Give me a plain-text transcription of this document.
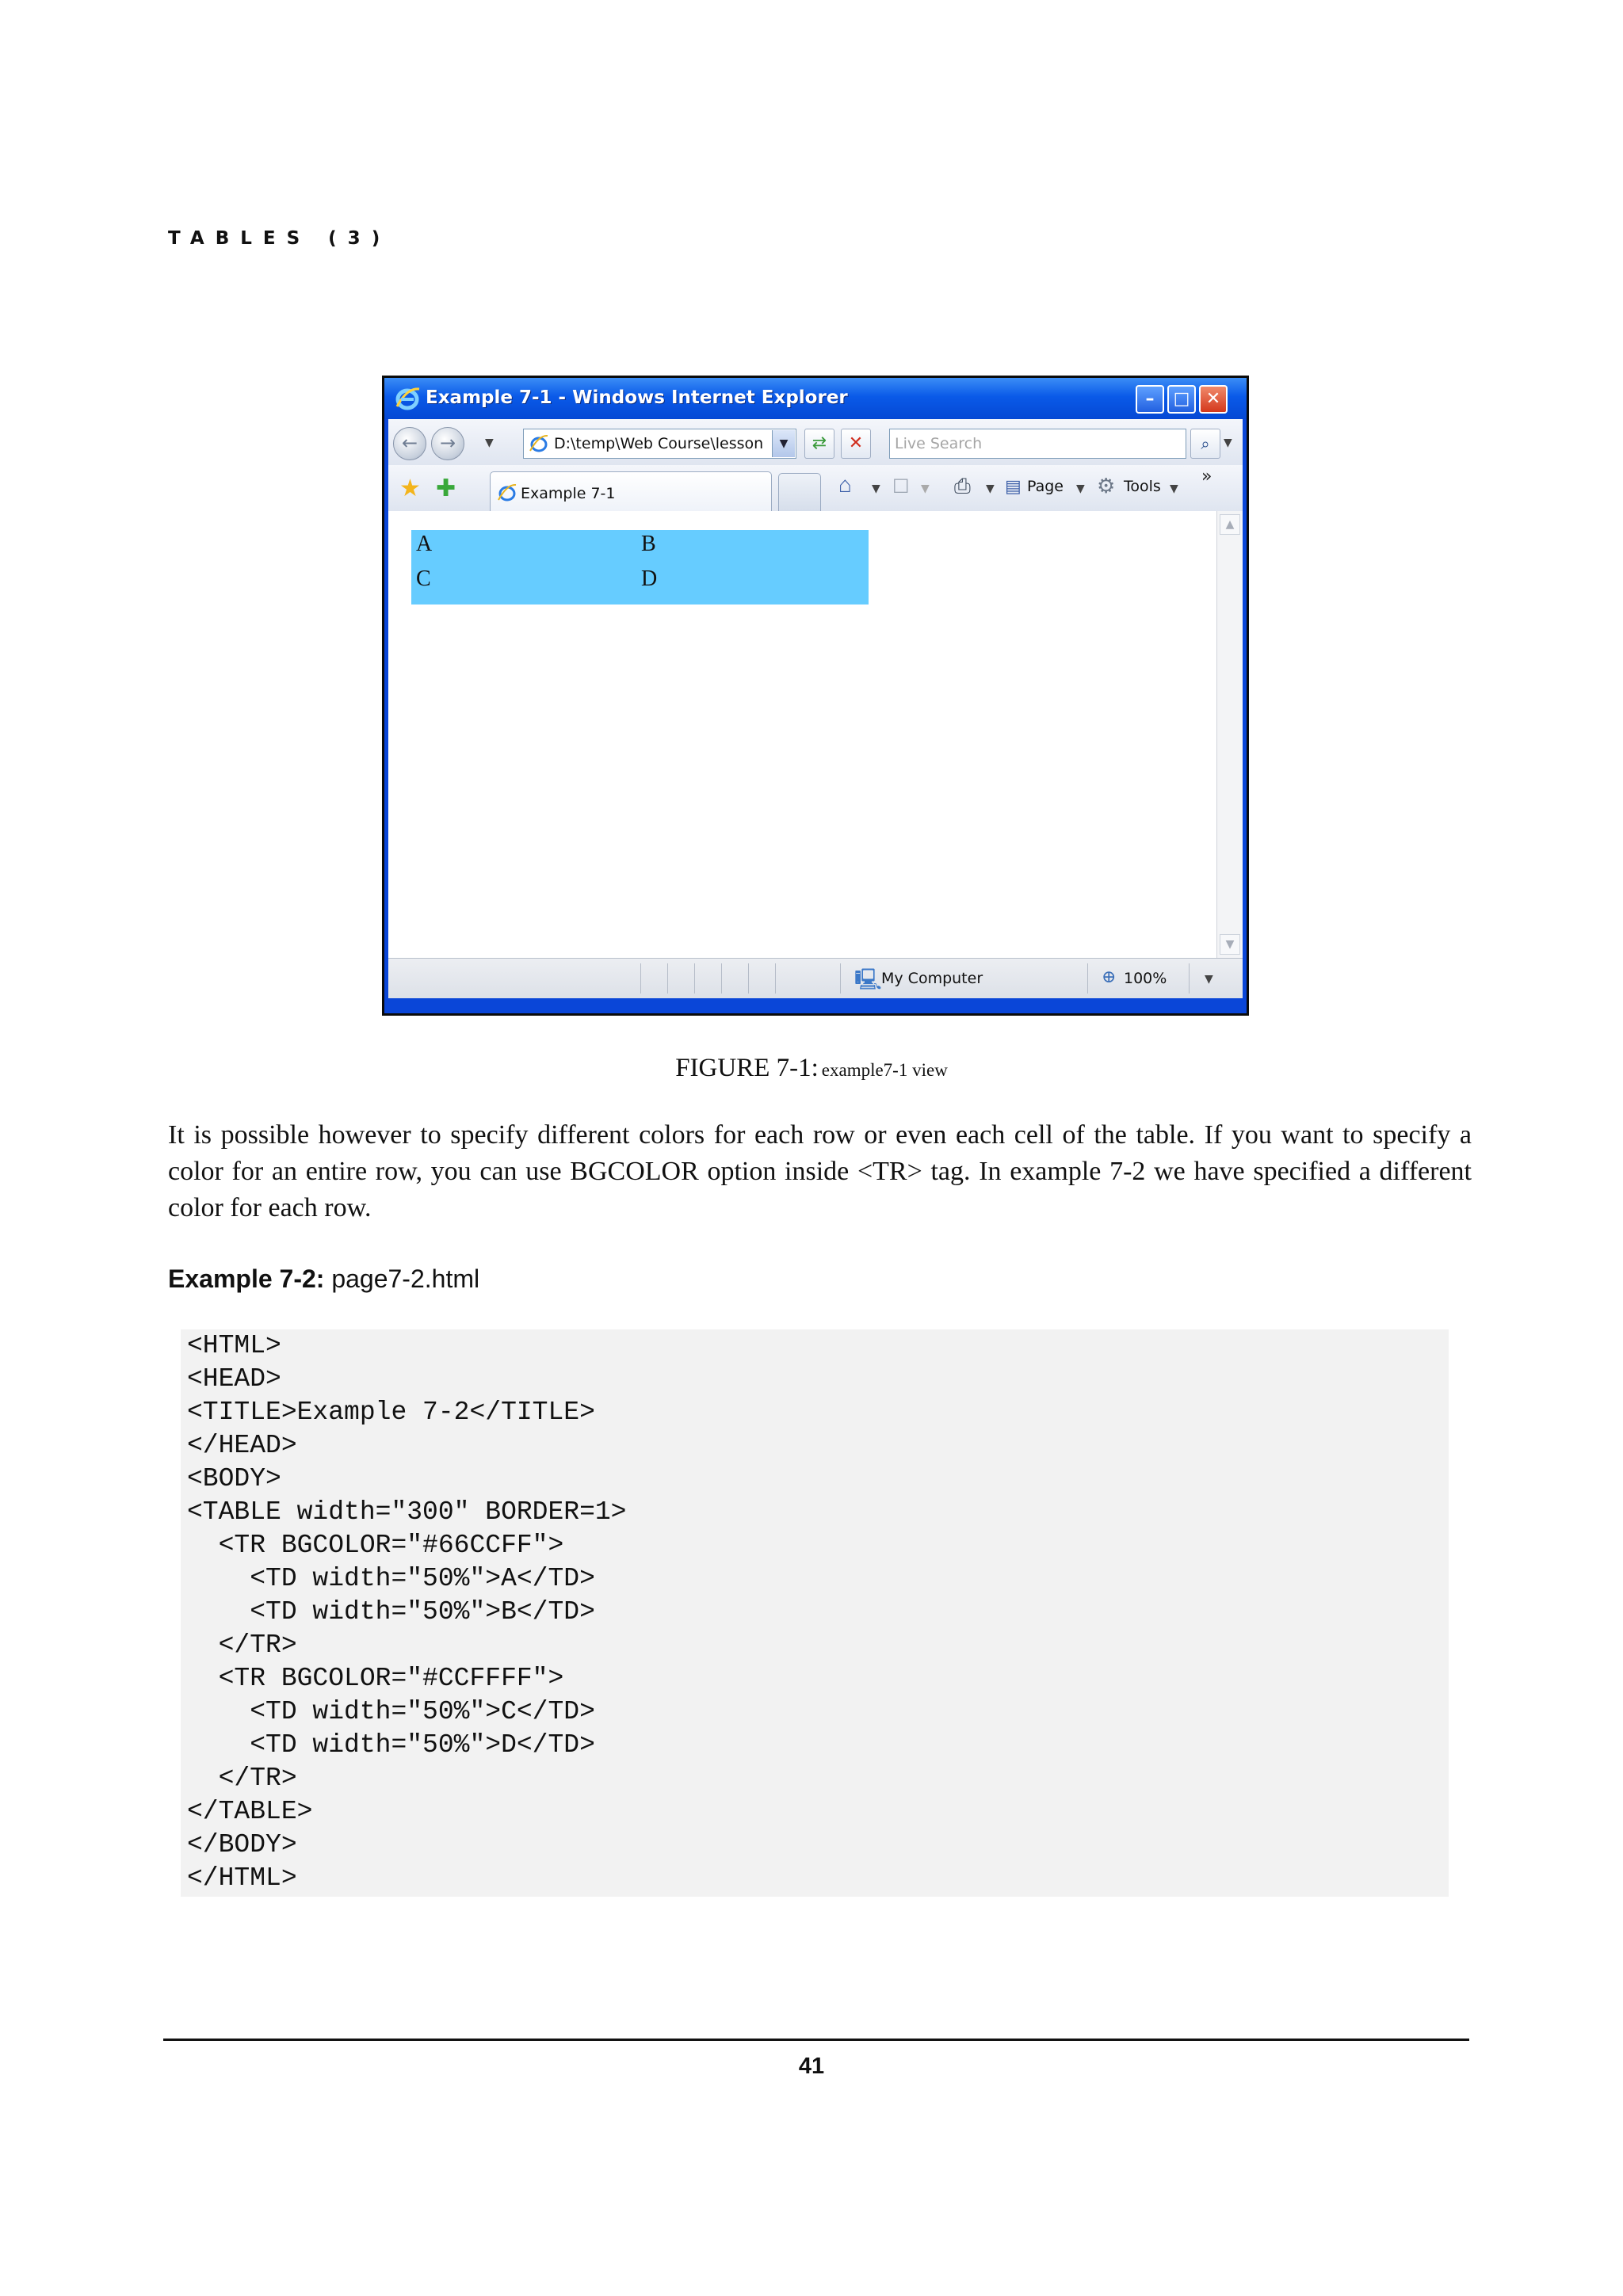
TABLES (3)
Example 7-1 - Windows Internet Explorer	–	□ ✕
←	→	▼	D:\temp\Web Course\lesson	▼	⇄	✕	Live Search	⌕	▼
★ ✚	Example 7-1	⌂ ▼ ☐ ▼ ⎙ ▼ ▤ Page ▼ ⚙ Tools ▼
»
A	B
C	D
▲
▼
🖳 My Computer	⊕ 100%	▼
FIGURE 7-1: example7-1 view

It is possible however to specify different colors for each row or even each cell of the table. If you want to specify a color for an entire row, you can use BGCOLOR option inside <TR> tag. In example 7-2 we have specified a different color for each row.

Example 7-2: page7-2.html
<HTML>
<HEAD>
<TITLE>Example 7-2</TITLE>
</HEAD>
<BODY>
<TABLE width="300" BORDER=1>
<TR BGCOLOR="#66CCFF">
<TD width="50%">A</TD>
<TD width="50%">B</TD>
</TR>
<TR BGCOLOR="#CCFFFF">
<TD width="50%">C</TD>
<TD width="50%">D</TD>
</TR>
</TABLE>
</BODY>
</HTML>
41
